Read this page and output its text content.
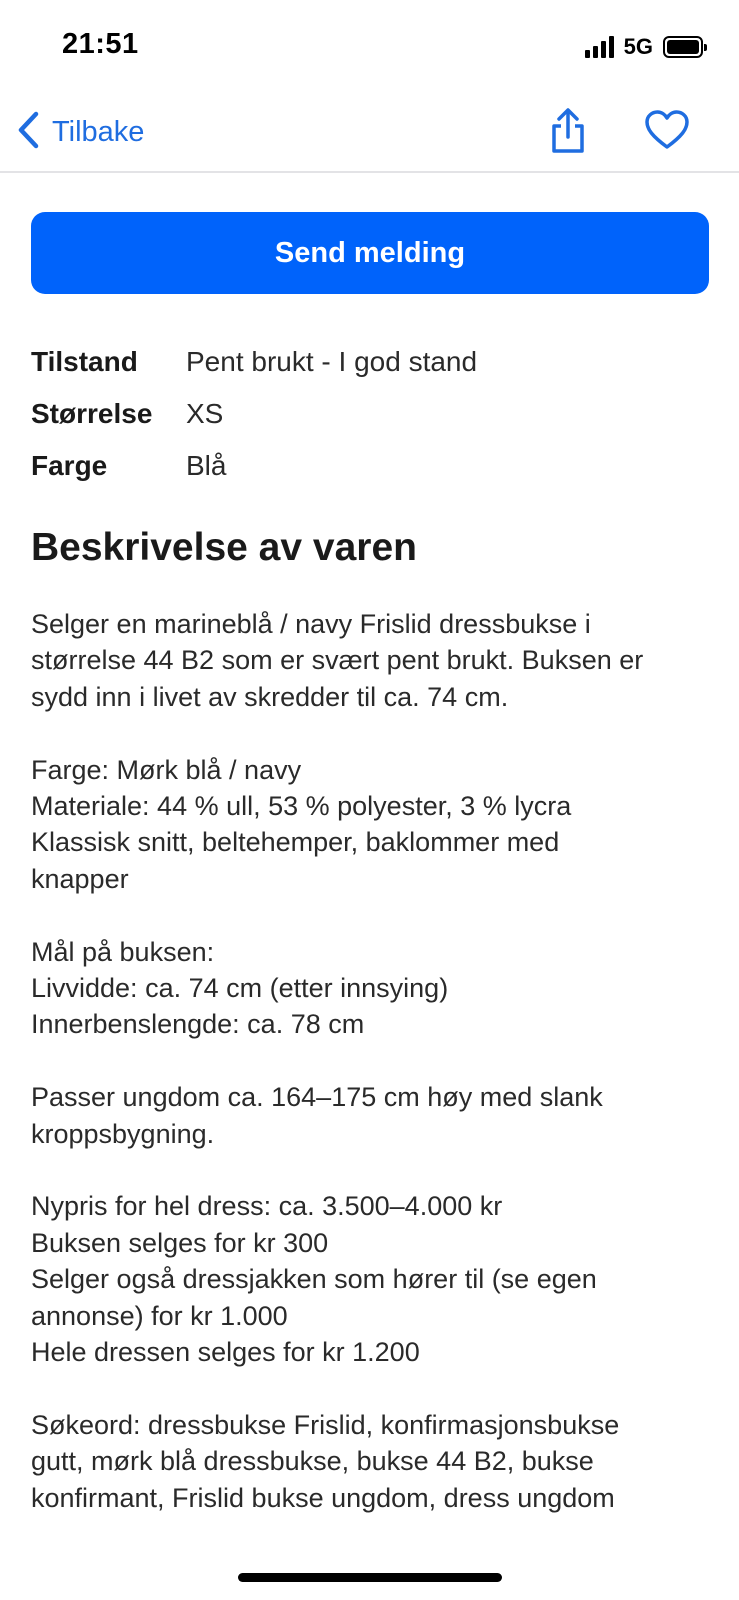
21:51	5G
Tilbake
Send melding
Tilstand	Pent brukt - I god stand
Størrelse	XS
Farge	Blå
Beskrivelse av varen
Selger en marineblå / navy Frislid dressbukse i
størrelse 44 B2 som er svært pent brukt. Buksen er
sydd inn i livet av skredder til ca. 74 cm.
Farge: Mørk blå / navy
Materiale: 44 % ull, 53 % polyester, 3 % lycra
Klassisk snitt, beltehemper, baklommer med
knapper
Mål på buksen:
Livvidde: ca. 74 cm (etter innsying)
Innerbenslengde: ca. 78 cm
Passer ungdom ca. 164–175 cm høy med slank
kroppsbygning.
Nypris for hel dress: ca. 3.500–4.000 kr
Buksen selges for kr 300
Selger også dressjakken som hører til (se egen
annonse) for kr 1.000
Hele dressen selges for kr 1.200
Søkeord: dressbukse Frislid, konfirmasjonsbukse
gutt, mørk blå dressbukse, bukse 44 B2, bukse
konfirmant, Frislid bukse ungdom, dress ungdom
